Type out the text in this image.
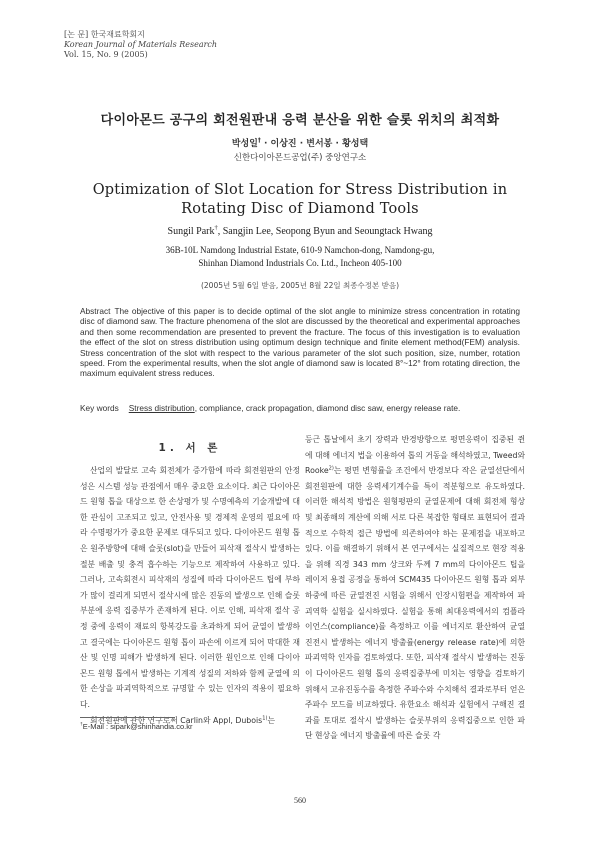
[논 문] 한국재료학회지
Korean Journal of Materials Research
Vol. 15, No. 9 (2005)
다이아몬드 공구의 회전원판내 응력 분산을 위한 슬롯 위치의 최적화
박성일† · 이상진 · 변서봉 · 황성택
신한다이아몬드공업(주) 중앙연구소
Optimization of Slot Location for Stress Distribution in
Rotating Disc of Diamond Tools
Sungil Park†, Sangjin Lee, Seopong Byun and Seoungtack Hwang
36B-10L Namdong Industrial Estate, 610-9 Namchon-dong, Namdong-gu,
Shinhan Diamond Industrials Co. Ltd., Incheon 405-100
(2005년 5월 6일 받음, 2005년 8월 22일 최종수정본 받음)
Abstract The objective of this paper is to decide optimal of the slot angle to minimize stress concentration in rotating disc of diamond saw. The fracture phenomena of the slot are discussed by the theoretical and experimental approaches and then some recommendation are presented to prevent the fracture. The focus of this investigation is to evaluation the effect of the slot on stress distribution using optimum design technique and finite element method(FEM) analysis. Stress concentration of the slot with respect to the various parameter of the slot such position, size, number, rotation speed. From the experimental results, when the slot angle of diamond saw is located 8°~12° from rotating direction, the maximum equivalent stress reduces.
Key words Stress distribution, compliance, crack propagation, diamond disc saw, energy release rate.
1. 서 론

산업의 발달로 고속 회전체가 증가함에 따라 회전원판의 안정성은 시스템 성능 관점에서 매우 중요한 요소이다. 최근 다이아몬드 원형 톱을 대상으로 한 손상평가 및 수명예측의 기술개발에 대한 관심이 고조되고 있고, 안전사용 및 경제적 운영의 필요에 따라 수명평가가 중요한 문제로 대두되고 있다. 다이아몬드 원형 톱은 원주방향에 대해 슬롯(slot)을 만들어 피삭재 절삭시 발생하는 절분 배출 및 충격 흡수하는 기능으로 제작하여 사용하고 있다. 그러나, 고속회전시 피삭재의 성질에 따라 다이아몬드 팁에 부하가 많이 걸리게 되면서 절삭시에 많은 진동의 발생으로 인해 슬롯부분에 응력 집중부가 존재하게 된다. 이로 인해, 피삭재 절삭 공정 중에 응력이 재료의 항복강도를 초과하게 되어 균열이 발생하고 결국에는 다이아몬드 원형 톱이 파손에 이르게 되어 막대한 재산 및 인명 피해가 발생하게 된다. 이러한 원인으로 인해 다이아몬드 원형 톱에서 발생하는 기계적 성질의 저하와 함께 균열에 의한 손상을 파괴역학적으로 규명할 수 있는 인자의 적용이 필요하다.

회전원판에 관한 연구로써 Carlin와 Appl, Dubois$^{1)}$는

등근 톱날에서 초기 장력과 반경방향으로 평면응력이 집중된 쥔에 대해 에너지 법을 이용하여 톱의 거동을 해석하였고, Tweed와 Rooke$^{2)}$는 평면 변형률을 조건에서 반경보다 작은 균열선단에서 회전원판에 대한 응력세기계수를 특이 적분형으로 유도하였다. 이러한 해석적 방법은 원형평판의 균열문제에 대해 회전체 형상 및 최종해의 계산에 의해 서로 다른 복잡한 형태로 표현되어 결과적으로 수학적 접근 방법에 의존하여야 하는 문제점을 내포하고 있다. 이를 해결하기 위해서 본 연구에서는 실질적으로 현장 적용을 위해 직경 343 mm 상크와 두께 7 mm의 다이아몬드 팁을 레이저 용접 공정을 통하여 SCM435 다이아몬드 원형 톱과 외부 하중에 따른 균열전진 시험을 위해서 인장시험편을 제작하여 파괴역학 실험을 실시하였다. 실험을 통해 최대응력에서의 컴플라이언스(compliance)를 측정하고 이를 에너지로 환산하여 균열 진전시 발생하는 에너지 방출률(energy release rate)에 의한 파괴역학 인자를 검토하였다. 또한, 피삭재 절삭시 발생하는 진동이 다이아몬드 원형 톱의 응력집중부에 미치는 영향을 검토하기 위해서 고유진동수를 측정한 주파수와 수치해석 결과로부터 얻은 주파수 모드를 비교하였다. 유한요소 해석과 실험에서 구해진 결과를 토대로 절삭시 발생하는 슬롯부위의 응력집중으로 인한 파단 현상을 에너지 방출률에 따른 슬롯 각

†E-Mail : sipark@shinhandia.co.kr
560
